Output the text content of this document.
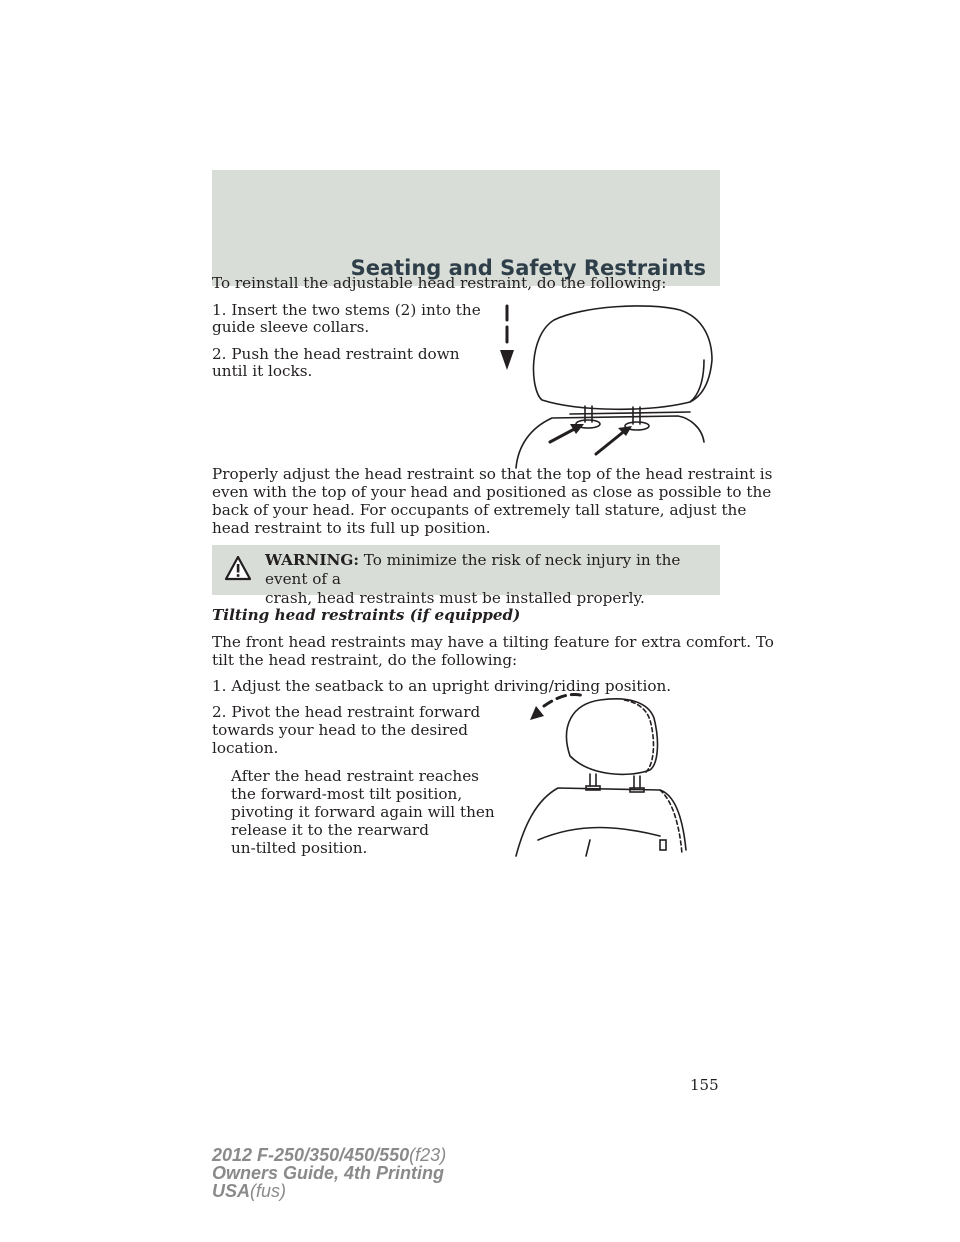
Seating and Safety Restraints

To reinstall the adjustable head restraint, do the following:

1. Insert the two stems (2) into the

guide sleeve collars.

2. Push the head restraint down

until it locks.

Properly adjust the head restraint so that the top of the head restraint is

even with the top of your head and positioned as close as possible to the

back of your head. For occupants of extremely tall stature, adjust the

head restraint to its full up position.

WARNING: To minimize the risk of neck injury in the event of a
crash, head restraints must be installed properly.

Tilting head restraints (if equipped)

The front head restraints may have a tilting feature for extra comfort. To

tilt the head restraint, do the following:

1. Adjust the seatback to an upright driving/riding position.

2. Pivot the head restraint forward

towards your head to the desired

location.

After the head restraint reaches

the forward-most tilt position,

pivoting it forward again will then

release it to the rearward

un-tilted position.

155

2012 F-250/350/450/550(f23)
Owners Guide, 4th Printing
USA(fus)
